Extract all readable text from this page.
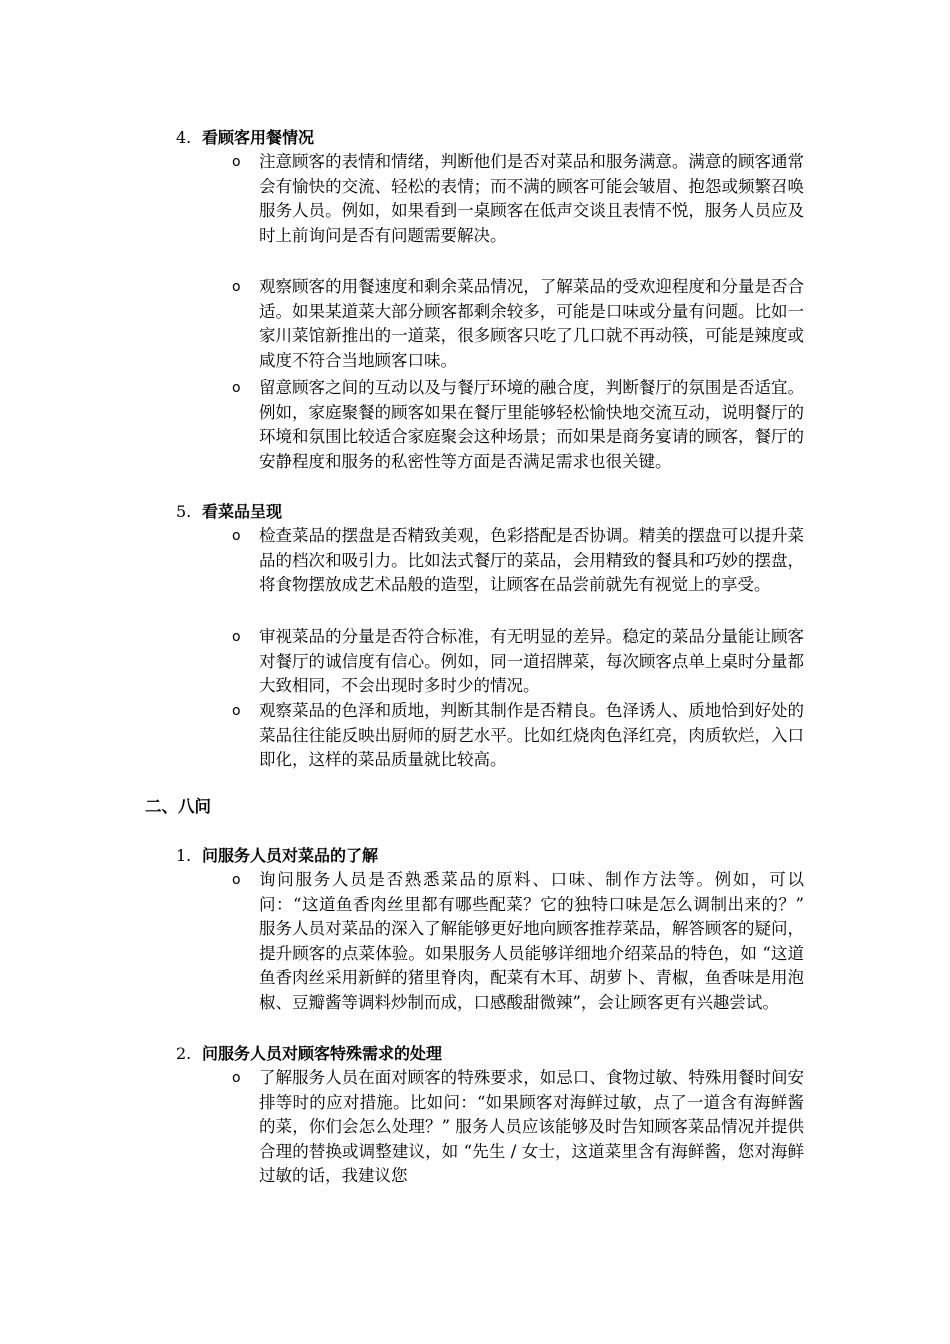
4. 看顾客用餐情况
o 注意顾客的表情和情绪，判断他们是否对菜品和服务满意。满意的顾客通常会有愉快的交流、轻松的表情；而不满的顾客可能会皱眉、抱怨或频繁召唤服务人员。例如，如果看到一桌顾客在低声交谈且表情不悦，服务人员应及时上前询问是否有问题需要解决。
o 观察顾客的用餐速度和剩余菜品情况，了解菜品的受欢迎程度和分量是否合适。如果某道菜大部分顾客都剩余较多，可能是口味或分量有问题。比如一家川菜馆新推出的一道菜，很多顾客只吃了几口就不再动筷，可能是辣度或咸度不符合当地顾客口味。
o 留意顾客之间的互动以及与餐厅环境的融合度，判断餐厅的氛围是否适宜。例如，家庭聚餐的顾客如果在餐厅里能够轻松愉快地交流互动，说明餐厅的环境和氛围比较适合家庭聚会这种场景；而如果是商务宴请的顾客，餐厅的安静程度和服务的私密性等方面是否满足需求也很关键。
5. 看菜品呈现
o 检查菜品的摆盘是否精致美观，色彩搭配是否协调。精美的摆盘可以提升菜品的档次和吸引力。比如法式餐厅的菜品，会用精致的餐具和巧妙的摆盘，将食物摆放成艺术品般的造型，让顾客在品尝前就先有视觉上的享受。
o 审视菜品的分量是否符合标准，有无明显的差异。稳定的菜品分量能让顾客对餐厅的诚信度有信心。例如，同一道招牌菜，每次顾客点单上桌时分量都大致相同，不会出现时多时少的情况。
o 观察菜品的色泽和质地，判断其制作是否精良。色泽诱人、质地恰到好处的菜品往往能反映出厨师的厨艺水平。比如红烧肉色泽红亮，肉质软烂，入口即化，这样的菜品质量就比较高。
二、八问
1. 问服务人员对菜品的了解
o 询问服务人员是否熟悉菜品的原料、口味、制作方法等。例如，可以问：“这道鱼香肉丝里都有哪些配菜？它的独特口味是怎么调制出来的？” 服务人员对菜品的深入了解能够更好地向顾客推荐菜品，解答顾客的疑问，提升顾客的点菜体验。如果服务人员能够详细地介绍菜品的特色，如 “这道鱼香肉丝采用新鲜的猪里脊肉，配菜有木耳、胡萝卜、青椒，鱼香味是用泡椒、豆瓣酱等调料炒制而成，口感酸甜微辣”，会让顾客更有兴趣尝试。
2. 问服务人员对顾客特殊需求的处理
o 了解服务人员在面对顾客的特殊要求，如忌口、食物过敏、特殊用餐时间安排等时的应对措施。比如问：“如果顾客对海鲜过敏，点了一道含有海鲜酱的菜，你们会怎么处理？” 服务人员应该能够及时告知顾客菜品情况并提供合理的替换或调整建议，如 “先生 / 女士，这道菜里含有海鲜酱，您对海鲜过敏的话，我建议您
